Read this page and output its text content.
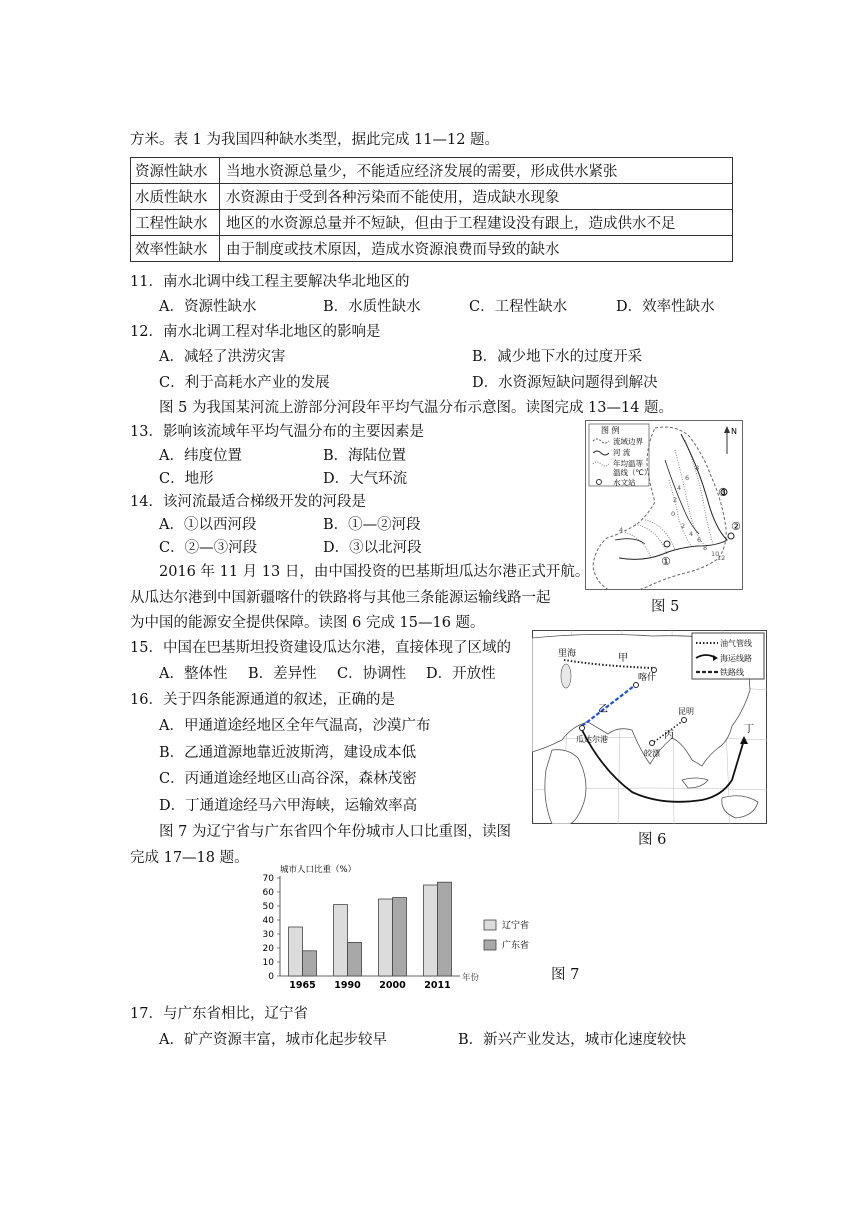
方米。表 1 为我国四种缺水类型，据此完成 11—12 题。
资源性缺水	当地水资源总量少，不能适应经济发展的需要，形成供水紧张
水质性缺水	水资源由于受到各种污染而不能使用，造成缺水现象
工程性缺水	地区的水资源总量并不短缺，但由于工程建设没有跟上，造成供水不足
效率性缺水	由于制度或技术原因，造成水资源浪费而导致的缺水
11．南水北调中线工程主要解决华北地区的
A．资源性缺水	B．水质性缺水	C．工程性缺水	D．效率性缺水
12．南水北调工程对华北地区的影响是
A．减轻了洪涝灾害	B．减少地下水的过度开采
C．利于高耗水产业的发展	D．水资源短缺问题得到解决
图 5 为我国某河流上游部分河段年平均气温分布示意图。读图完成 13—14 题。
13．影响该流域年平均气温分布的主要因素是
A．纬度位置	B．海陆位置
C．地形	D．大气环流
14．该河流最适合梯级开发的河段是
A．①以西河段	B．①—②河段
C．②—③河段	D．③以北河段
图 例
流域边界
河 流
年均温等
温线（℃）
水文站
N
①
②
③
8
6
4
2
0
2
4
6
8
10
12
4
图 5
2016 年 11 月 13 日，由中国投资的巴基斯坦瓜达尔港正式开航。
从瓜达尔港到中国新疆喀什的铁路将与其他三条能源运输线路一起
为中国的能源安全提供保障。读图 6 完成 15—16 题。
15．中国在巴基斯坦投资建设瓜达尔港，直接体现了区域的
A．整体性 B．差异性 C．协调性 D．开放性
16．关于四条能源通道的叙述，正确的是
A．甲通道途经地区全年气温高，沙漠广布
B．乙通道源地靠近波斯湾，建设成本低
C．丙通道途经地区山高谷深，森林茂密
D．丁通道途经马六甲海峡，运输效率高
喀什
瓜达尔港
昆明
皎漂
里海	甲
乙
丙
丁
油气管线
海运线路
铁路线
图 6
图 7 为辽宁省与广东省四个年份城市人口比重图，读图
完成 17—18 题。
城市人口比重（%）
70
60
50
40
30
20
10
0
1965 1990 2000 2011
年份
辽宁省
广东省
图 7
17．与广东省相比，辽宁省
A．矿产资源丰富，城市化起步较早	B．新兴产业发达，城市化速度较快
